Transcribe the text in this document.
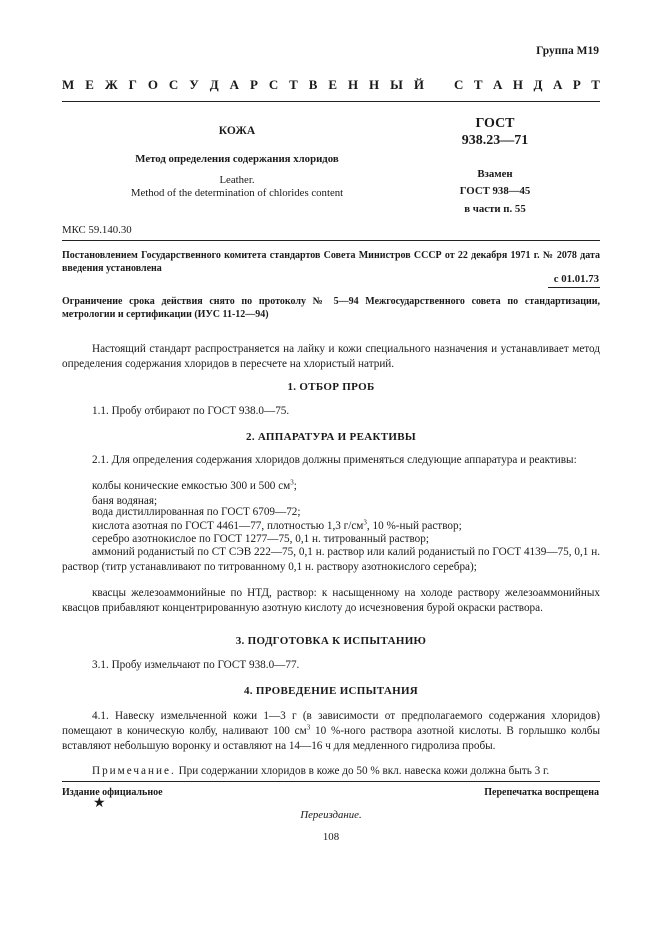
Группа М19
М Е Ж Г О С У Д А Р С Т В Е Н Н Ы Й С Т А Н Д А Р Т
КОЖА
Метод определения содержания хлоридов
Leather.
Method of the determination of chlorides content
ГОСТ
938.23—71
Взамен
ГОСТ 938—45
в части п. 55
МКС 59.140.30
Постановлением Государственного комитета стандартов Совета Министров СССР от 22 декабря 1971 г. № 2078 дата введения установлена
с 01.01.73
Ограничение срока действия снято по протоколу № 5—94 Межгосударственного совета по стандартизации, метрологии и сертификации (ИУС 11-12—94)
Настоящий стандарт распространяется на лайку и кожи специального назначения и устанавливает метод определения содержания хлоридов в пересчете на хлористый натрий.
1. ОТБОР ПРОБ
1.1. Пробу отбирают по ГОСТ 938.0—75.
2. АППАРАТУРА И РЕАКТИВЫ
2.1. Для определения содержания хлоридов должны применяться следующие аппаратура и реактивы:
колбы конические емкостью 300 и 500 $см^3$;
баня водяная;
вода дистиллированная по ГОСТ 6709—72;
кислота азотная по ГОСТ 4461—77, плотностью 1,3 $г/см^3$, 10 %-ный раствор;
серебро азотнокислое по ГОСТ 1277—75, 0,1 н. титрованный раствор;
аммоний роданистый по СТ СЭВ 222—75, 0,1 н. раствор или калий роданистый по ГОСТ 4139—75, 0,1 н. раствор (титр устанавливают по титрованному 0,1 н. раствору азотнокислого серебра);
квасцы железоаммонийные по НТД, раствор: к насыщенному на холоде раствору железоаммонийных квасцов прибавляют концентрированную азотную кислоту до исчезновения бурой окраски раствора.
3. ПОДГОТОВКА К ИСПЫТАНИЮ
3.1. Пробу измельчают по ГОСТ 938.0—77.
4. ПРОВЕДЕНИЕ ИСПЫТАНИЯ
4.1. Навеску измельченной кожи 1—3 г (в зависимости от предполагаемого содержания хлоридов) помещают в коническую колбу, наливают 100 $см^3$ 10 %-ного раствора азотной кислоты. В горлышко колбы вставляют небольшую воронку и оставляют на 14—16 ч для медленного гидролиза пробы.
Примечание. При содержании хлоридов в коже до 50 % вкл. навеска кожи должна быть 3 г.
Издание официальное	Перепечатка воспрещена
★
Переиздание.
108
